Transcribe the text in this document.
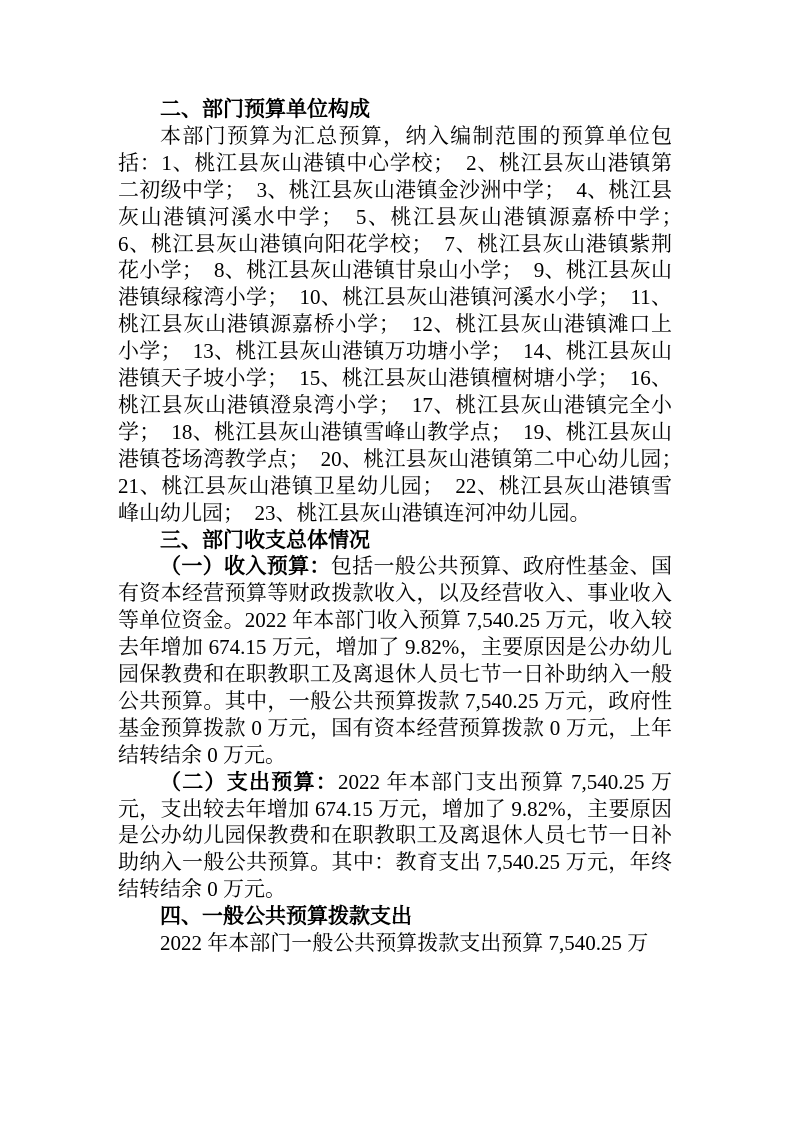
二、部门预算单位构成

本部门预算为汇总预算，纳入编制范围的预算单位包括：1、桃江县灰山港镇中心学校；　2、桃江县灰山港镇第二初级中学；　3、桃江县灰山港镇金沙洲中学；　4、桃江县灰山港镇河溪水中学；　5、桃江县灰山港镇源嘉桥中学；　6、桃江县灰山港镇向阳花学校；　7、桃江县灰山港镇紫荆花小学；　8、桃江县灰山港镇甘泉山小学；　9、桃江县灰山港镇绿稼湾小学；　10、桃江县灰山港镇河溪水小学；　11、桃江县灰山港镇源嘉桥小学；　12、桃江县灰山港镇滩口上小学；　13、桃江县灰山港镇万功塘小学；　14、桃江县灰山港镇天子坡小学；　15、桃江县灰山港镇檀树塘小学；　16、桃江县灰山港镇澄泉湾小学；　17、桃江县灰山港镇完全小学；　18、桃江县灰山港镇雪峰山教学点；　19、桃江县灰山港镇苍场湾教学点；　20、桃江县灰山港镇第二中心幼儿园；　21、桃江县灰山港镇卫星幼儿园；　22、桃江县灰山港镇雪峰山幼儿园；　23、桃江县灰山港镇连河冲幼儿园。

三、部门收支总体情况

（一）收入预算：包括一般公共预算、政府性基金、国有资本经营预算等财政拨款收入，以及经营收入、事业收入等单位资金。2022 年本部门收入预算 7,540.25 万元，收入较去年增加 674.15 万元，增加了 9.82%，主要原因是公办幼儿园保教费和在职教职工及离退休人员七节一日补助纳入一般公共预算。其中，一般公共预算拨款 7,540.25 万元，政府性基金预算拨款 0 万元，国有资本经营预算拨款 0 万元，上年结转结余 0 万元。

（二）支出预算：2022 年本部门支出预算 7,540.25 万元，支出较去年增加 674.15 万元，增加了 9.82%，主要原因是公办幼儿园保教费和在职教职工及离退休人员七节一日补助纳入一般公共预算。其中：教育支出 7,540.25 万元，年终结转结余 0 万元。

四、一般公共预算拨款支出

2022 年本部门一般公共预算拨款支出预算 7,540.25 万
